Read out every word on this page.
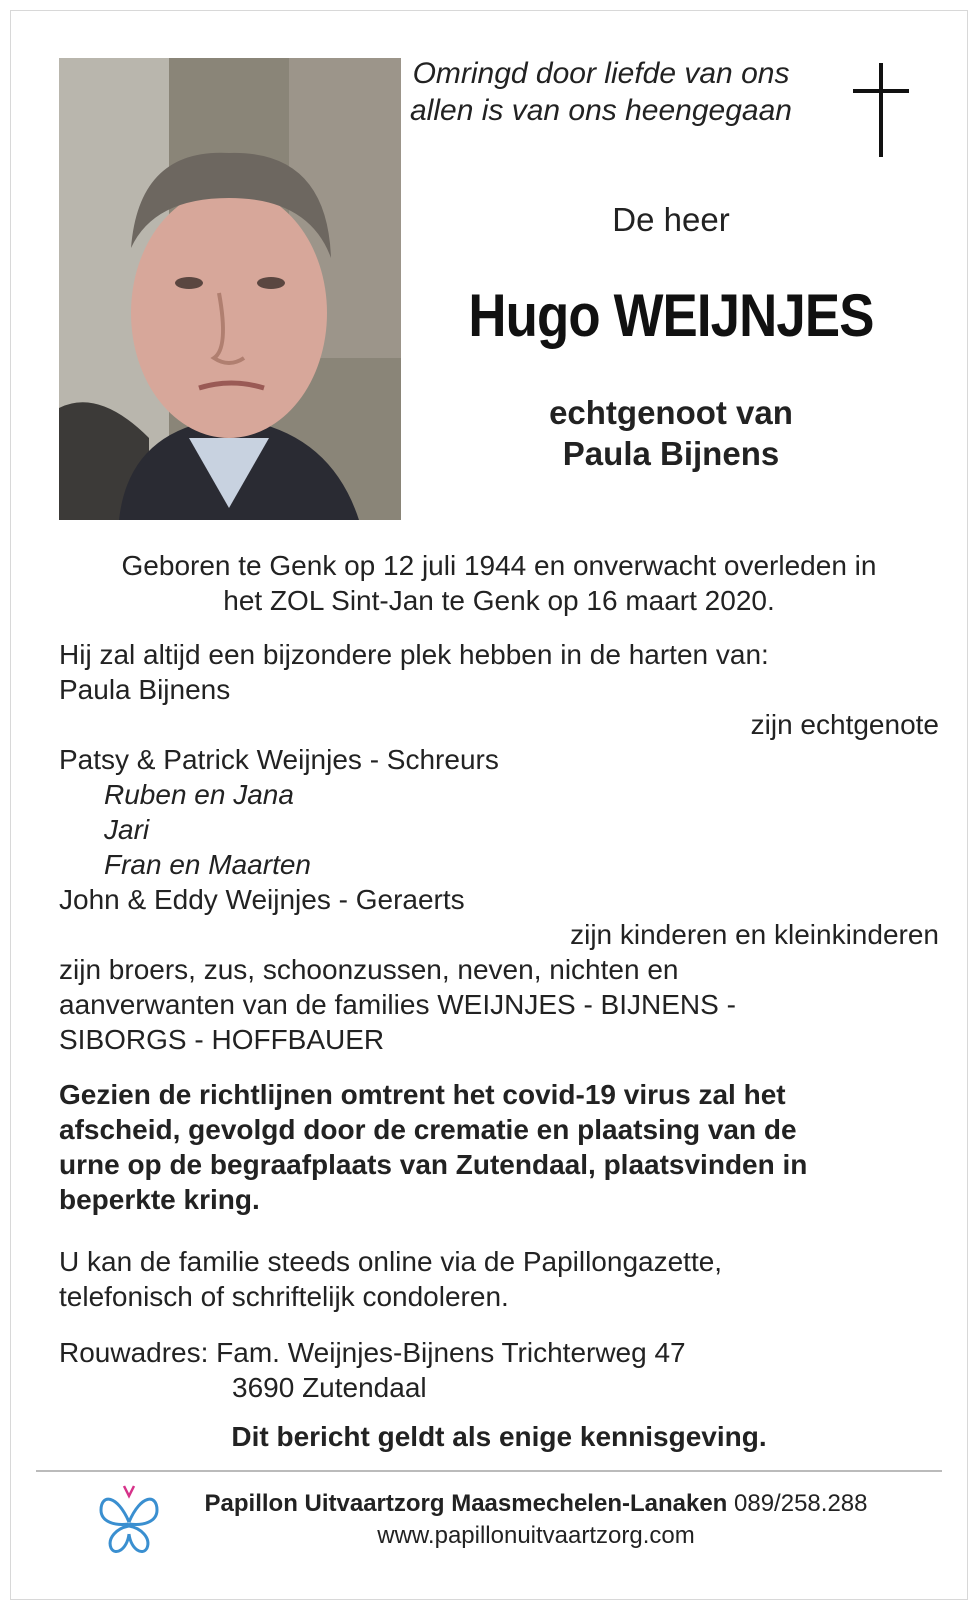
Omringd door liefde van ons
allen is van ons heengegaan
De heer
Hugo WEIJNJES
echtgenoot van
Paula Bijnens
Geboren te Genk op 12 juli 1944 en onverwacht overleden in
het ZOL Sint-Jan te Genk op 16 maart 2020.
Hij zal altijd een bijzondere plek hebben in de harten van:
Paula Bijnens
zijn echtgenote
Patsy & Patrick Weijnjes - Schreurs
Ruben en Jana
Jari
Fran en Maarten
John & Eddy Weijnjes - Geraerts
zijn kinderen en kleinkinderen
zijn broers, zus, schoonzussen, neven, nichten en
aanverwanten van de families WEIJNJES - BIJNENS -
SIBORGS - HOFFBAUER
Gezien de richtlijnen omtrent het covid-19 virus zal het
afscheid, gevolgd door de crematie en plaatsing van de
urne op de begraafplaats van Zutendaal, plaatsvinden in
beperkte kring.
U kan de familie steeds online via de Papillongazette,
telefonisch of schriftelijk condoleren.
Rouwadres: Fam. Weijnjes-Bijnens Trichterweg 47
3690 Zutendaal
Dit bericht geldt als enige kennisgeving.
Papillon Uitvaartzorg Maasmechelen-Lanaken 089/258.288
www.papillonuitvaartzorg.com
